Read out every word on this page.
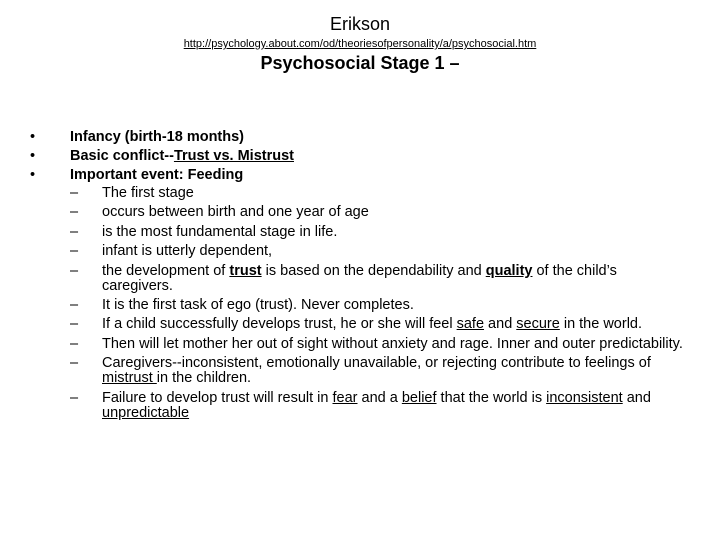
Erikson
http://psychology.about.com/od/theoriesofpersonality/a/psychosocial.htm
Psychosocial Stage 1 –
• Infancy (birth-18 months)
• Basic conflict--Trust vs. Mistrust
• Important event: Feeding
– The first stage
– occurs between birth and one year of age
– is the most fundamental stage in life.
– infant is utterly dependent,
– the development of trust is based on the dependability and quality of the child’s caregivers.
– It is the first task of ego (trust). Never completes.
– If a child successfully develops trust, he or she will feel safe and secure in the world.
– Then will let mother her out of sight without anxiety and rage. Inner and outer predictability.
– Caregivers--inconsistent, emotionally unavailable, or rejecting contribute to feelings of mistrust in the children.
– Failure to develop trust will result in fear and a belief that the world is inconsistent and unpredictable
